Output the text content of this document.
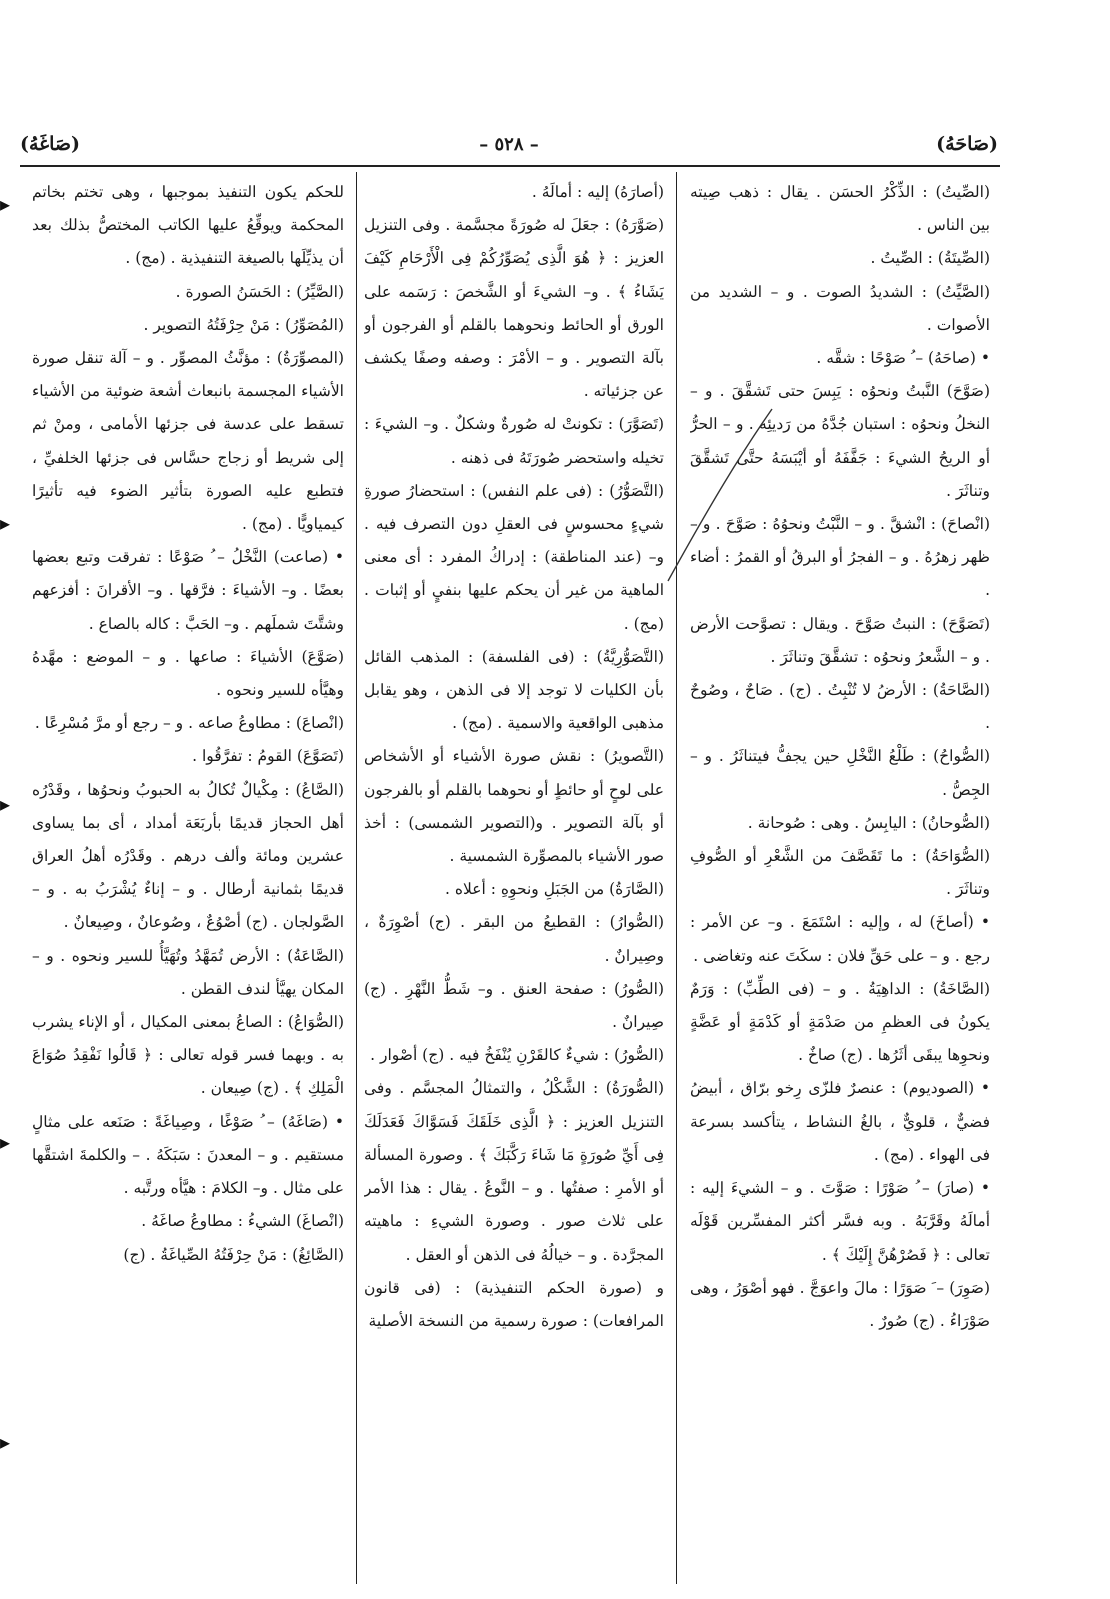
(صَاغَهُ)	– ٥٢٨ –	(صَاحَهُ)

(الصِّيتُ) : الذِّكْرُ الحسَن . يقال : ذهب صِيته بين الناس .

(الصِّيتَةُ) : الصِّيتُ .

(الصَّيِّتُ) : الشديدُ الصوت . و – الشديد من الأصوات .

• (صاحَهُ) – ُ صَوْحًا : شقَّه .

(صَوَّحَ) النَّبتُ ونحوُه : يَبِسَ حتى تَشقَّقَ . و – النخلُ ونحوُه : استبان جُدَّهُ من رَديئِه . و – الحرُّ أو الريحُ الشيءَ : جَفَّفَهُ أو أيْبَسَهُ حتَّى تَشقَّقَ وتناثَرَ .

(انْصاحَ) : انْشقَّ . و – النَّبْتُ ونحوُهُ : صَوَّحَ . و – ظهر زهرُهُ . و – الفجرُ أو البرقُ أو القمرُ : أضاء .

(تَصَوَّحَ) : النبتُ صَوَّحَ . ويقال : تصوَّحت الأرض . و – الشَّعرُ ونحوُه : تشقَّقَ وتناثَرَ .

(الصَّاحَةُ) : الأرضُ لا تُنْبِتُ . (ج) . صَاحٌ ، وصُوحٌ .

(الصُّواحُ) : طَلْعُ النَّخْلِ حين يجفُّ فيتناثَرُ . و – الجِصُّ .

(الصُّوحانُ) : اليابِسُ . وهى : صُوحانة .

(الصُّوَاحَةُ) : ما تَقَصَّفَ من الشَّعْرِ أو الصُّوفِ وتناثَرَ .

• (أصاخَ) له ، وإليه : اسْتَمَعَ . و– عن الأمر : رجع . و – على حَقِّ فلان : سكَتَ عنه وتغاضى .

(الصَّاخَةُ) : الداهِيَةُ . و – (فى الطِّبِّ) : وَرَمٌ يكونُ فى العظمِ من صَدْمَةٍ أو كَدْمَةٍ أو عَضَّةٍ ونحوِها يبقَى أثَرُها . (ج) صاخٌ .

• (الصوديوم) : عنصرٌ فلزّى رِخو برّاق ، أبيضُ فضيٌّ ، قلويٌّ ، بالغُ النشاط ، يتأكسد بسرعة فى الهواء . (مج) .

• (صارَ) – ُ صَوْرًا : صَوَّتَ . و – الشيءَ إليه : أمالَهُ وقَرَّبَهُ . وبه فسَّر أكثر المفسِّرين قَوْلَه تعالى : ﴿ فَصُرْهُنَّ إِلَيْكَ ﴾ .

(صَوِرَ) – َ صَوَرًا : مالَ واعوَجَّ . فهو أصْوَرُ ، وهى صَوْرَاءُ . (ج) صُورٌ .

(أصارَهُ) إليه : أمالَهُ .

(صَوَّرَهُ) : جعَلَ له صُورَةً مجسَّمة . وفى التنزيل العزيز : ﴿ هُوَ الَّذِى يُصَوِّرُكُمْ فِى الْأَرْحَامِ كَيْفَ يَشَاءُ ﴾ . و– الشيءَ أو الشَّخصَ : رَسَمه على الورق أو الحائط ونحوهما بالقلم أو الفرجون أو بآلة التصوير . و – الأمْرَ : وصفه وصفًا يكشف عن جزئياته .

(تَصَوَّرَ) : تكونتْ له صُورةٌ وشكلٌ . و– الشيءَ : تخيله واستحضر صُورَتَهُ فى ذهنه .

(التَّصَوُّرُ) : (فى علم النفس) : استحضارُ صورةِ شيءٍ محسوسٍ فى العقلِ دون التصرف فيه . و– (عند المناطقة) : إدراكُ المفرد : أى معنى الماهية من غير أن يحكم عليها بنفيٍ أو إثبات . (مج) .

(التَّصَوُّرِيَّةُ) : (فى الفلسفة) : المذهب القائل بأن الكليات لا توجد إلا فى الذهن ، وهو يقابل مذهبى الواقعية والاسمية . (مج) .

(التَّصويرُ) : نقش صورة الأشياء أو الأشخاص على لوحٍ أو حائطٍ أو نحوهما بالقلم أو بالفرجون أو بآلة التصوير . و(التصوير الشمسى) : أخذ صور الأشياء بالمصوِّرة الشمسية .

(الصَّارَةُ) من الجَبَلِ ونحوِهِ : أعلاه .

(الصُّوارُ) : القطيعُ من البقر . (ج) أصْوِرَةٌ ، وصِيرانٌ .

(الصُّورُ) : صفحة العنق . و– شَطُّ النَّهْرِ . (ج) صِيرانٌ .

(الصُّورُ) : شيءٌ كالقَرْنِ يُنْفَخُ فيه . (ج) أصْوار .

(الصُّورَةُ) : الشَّكْلُ ، والتمثالُ المجسَّم . وفى التنزيل العزيز : ﴿ الَّذِى خَلَقَكَ فَسَوَّاكَ فَعَدَلَكَ فِى أَيِّ صُورَةٍ مَا شَاءَ رَكَّبَكَ ﴾ . وصورة المسألة أو الأمرِ : صفتُها . و – النَّوعُ . يقال : هذا الأمر على ثلاث صور . وصورة الشيءِ : ماهيته المجرَّدة . و – خيالُهُ فى الذهن أو العقل .

و (صورة الحكم التنفيذية) : (فى قانون المرافعات) : صورة رسمية من النسخة الأصلية

للحكم يكون التنفيذ بموجبها ، وهى تختم بخاتم المحكمة ويوقِّعُ عليها الكاتب المختصُّ بذلك بعد أن يذيِّلَها بالصيغة التنفيذية . (مج) .

(الصَّيِّرُ) : الحَسَنُ الصورة .

(المُصَوِّرُ) : مَنْ حِرْفَتُهُ التصوير .

(المصوِّرَةُ) : مؤنَّثُ المصوِّر . و – آلة تنقل صورة الأشياء المجسمة بانبعاث أشعة ضوئية من الأشياء تسقط على عدسة فى جزئها الأمامى ، ومنْ ثم إلى شريط أو زجاج حسَّاس فى جزئها الخلفيِّ ، فتطبع عليه الصورة بتأثير الضوء فيه تأثيرًا كيمياويًّا . (مج) .

• (صاعت) النَّخْلُ – ُ صَوْعًا : تفرقت وتبع بعضها بعضًا . و– الأشياءَ : فرَّقها . و– الأقرانَ : أفزعهم وشتَّتَ شملَهم . و– الحَبَّ : كاله بالصاع .

(صَوَّعَ) الأشياءَ : صاعها . و – الموضع : مهَّدهُ وهيَّأه للسير ونحوه .

(انْصاعَ) : مطاوعُ صاعه . و – رجع أو مرَّ مُسْرِعًا .

(تَصَوَّعَ) القومُ : تفرَّقُوا .

(الصَّاعُ) : مِكْيالٌ تُكالُ به الحبوبُ ونحوُها ، وقَدْرُه أهل الحجاز قديمًا بأربَعَة أمداد ، أى بما يساوى عشرين ومائة وألف درهم . وقَدْرُه أهلُ العراق قديمًا بثمانية أرطال . و – إناءٌ يُشْرَبُ به . و – الصَّولجان . (ج) أصْوُعٌ ، وصُوعانٌ ، وصِيعانٌ .

(الصَّاعَةُ) : الأرض تُمَهَّدُ وتُهَيَّأُ للسير ونحوه . و – المكان يهيَّأ لندف القطن .

(الصُّوَاعُ) : الصاعُ بمعنى المكيال ، أو الإناء يشرب به . وبهما فسر قوله تعالى : ﴿ قَالُوا نَفْقِدُ صُوَاعَ الْمَلِكِ ﴾ . (ج) صِيعان .

• (صَاغَهُ) – ُ صَوْغًا ، وصِياغَةً : صَنَعه على مثالٍ مستقيم . و – المعدنَ : سَبَكَهُ . – والكلمةَ اشتقَّها على مثال . و– الكلامَ : هيَّأه ورتَّبه .

(انْصاغَ) الشيءُ : مطاوعُ صاغَهُ .

(الصَّائِغُ) : مَنْ حِرْفَتُهُ الصِّياغَةُ . (ج)

▸
▸
▸
▸
▸
